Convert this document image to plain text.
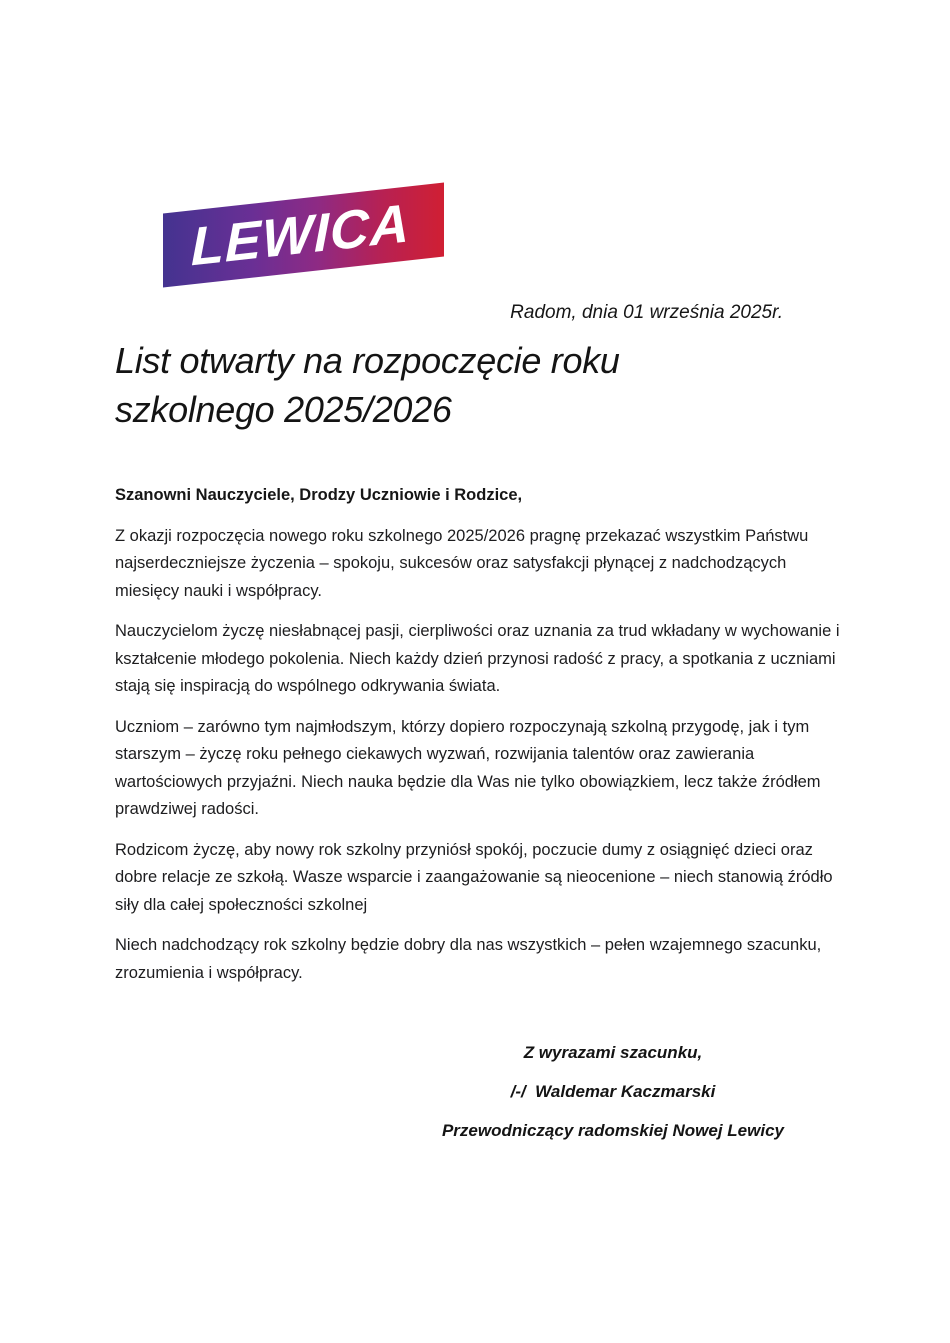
LEWICA
Radom, dnia 01 września 2025r.
List otwarty na rozpoczęcie roku
szkolnego 2025/2026
Szanowni Nauczyciele, Drodzy Uczniowie i Rodzice,

Z okazji rozpoczęcia nowego roku szkolnego 2025/2026 pragnę przekazać wszystkim Państwu najserdeczniejsze życzenia – spokoju, sukcesów oraz satysfakcji płynącej z nadchodzących miesięcy nauki i współpracy.

Nauczycielom życzę niesłabnącej pasji, cierpliwości oraz uznania za trud wkładany w wychowanie i kształcenie młodego pokolenia. Niech każdy dzień przynosi radość z pracy, a spotkania z uczniami stają się inspiracją do wspólnego odkrywania świata.

Uczniom – zarówno tym najmłodszym, którzy dopiero rozpoczynają szkolną przygodę, jak i tym starszym – życzę roku pełnego ciekawych wyzwań, rozwijania talentów oraz zawierania wartościowych przyjaźni. Niech nauka będzie dla Was nie tylko obowiązkiem, lecz także źródłem prawdziwej radości.

Rodzicom życzę, aby nowy rok szkolny przyniósł spokój, poczucie dumy z osiągnięć dzieci oraz dobre relacje ze szkołą. Wasze wsparcie i zaangażowanie są nieocenione – niech stanowią źródło siły dla całej społeczności szkolnej

Niech nadchodzący rok szkolny będzie dobry dla nas wszystkich – pełen wzajemnego szacunku, zrozumienia i współpracy.

Z wyrazami szacunku,
/-/  Waldemar Kaczmarski
Przewodniczący radomskiej Nowej Lewicy
